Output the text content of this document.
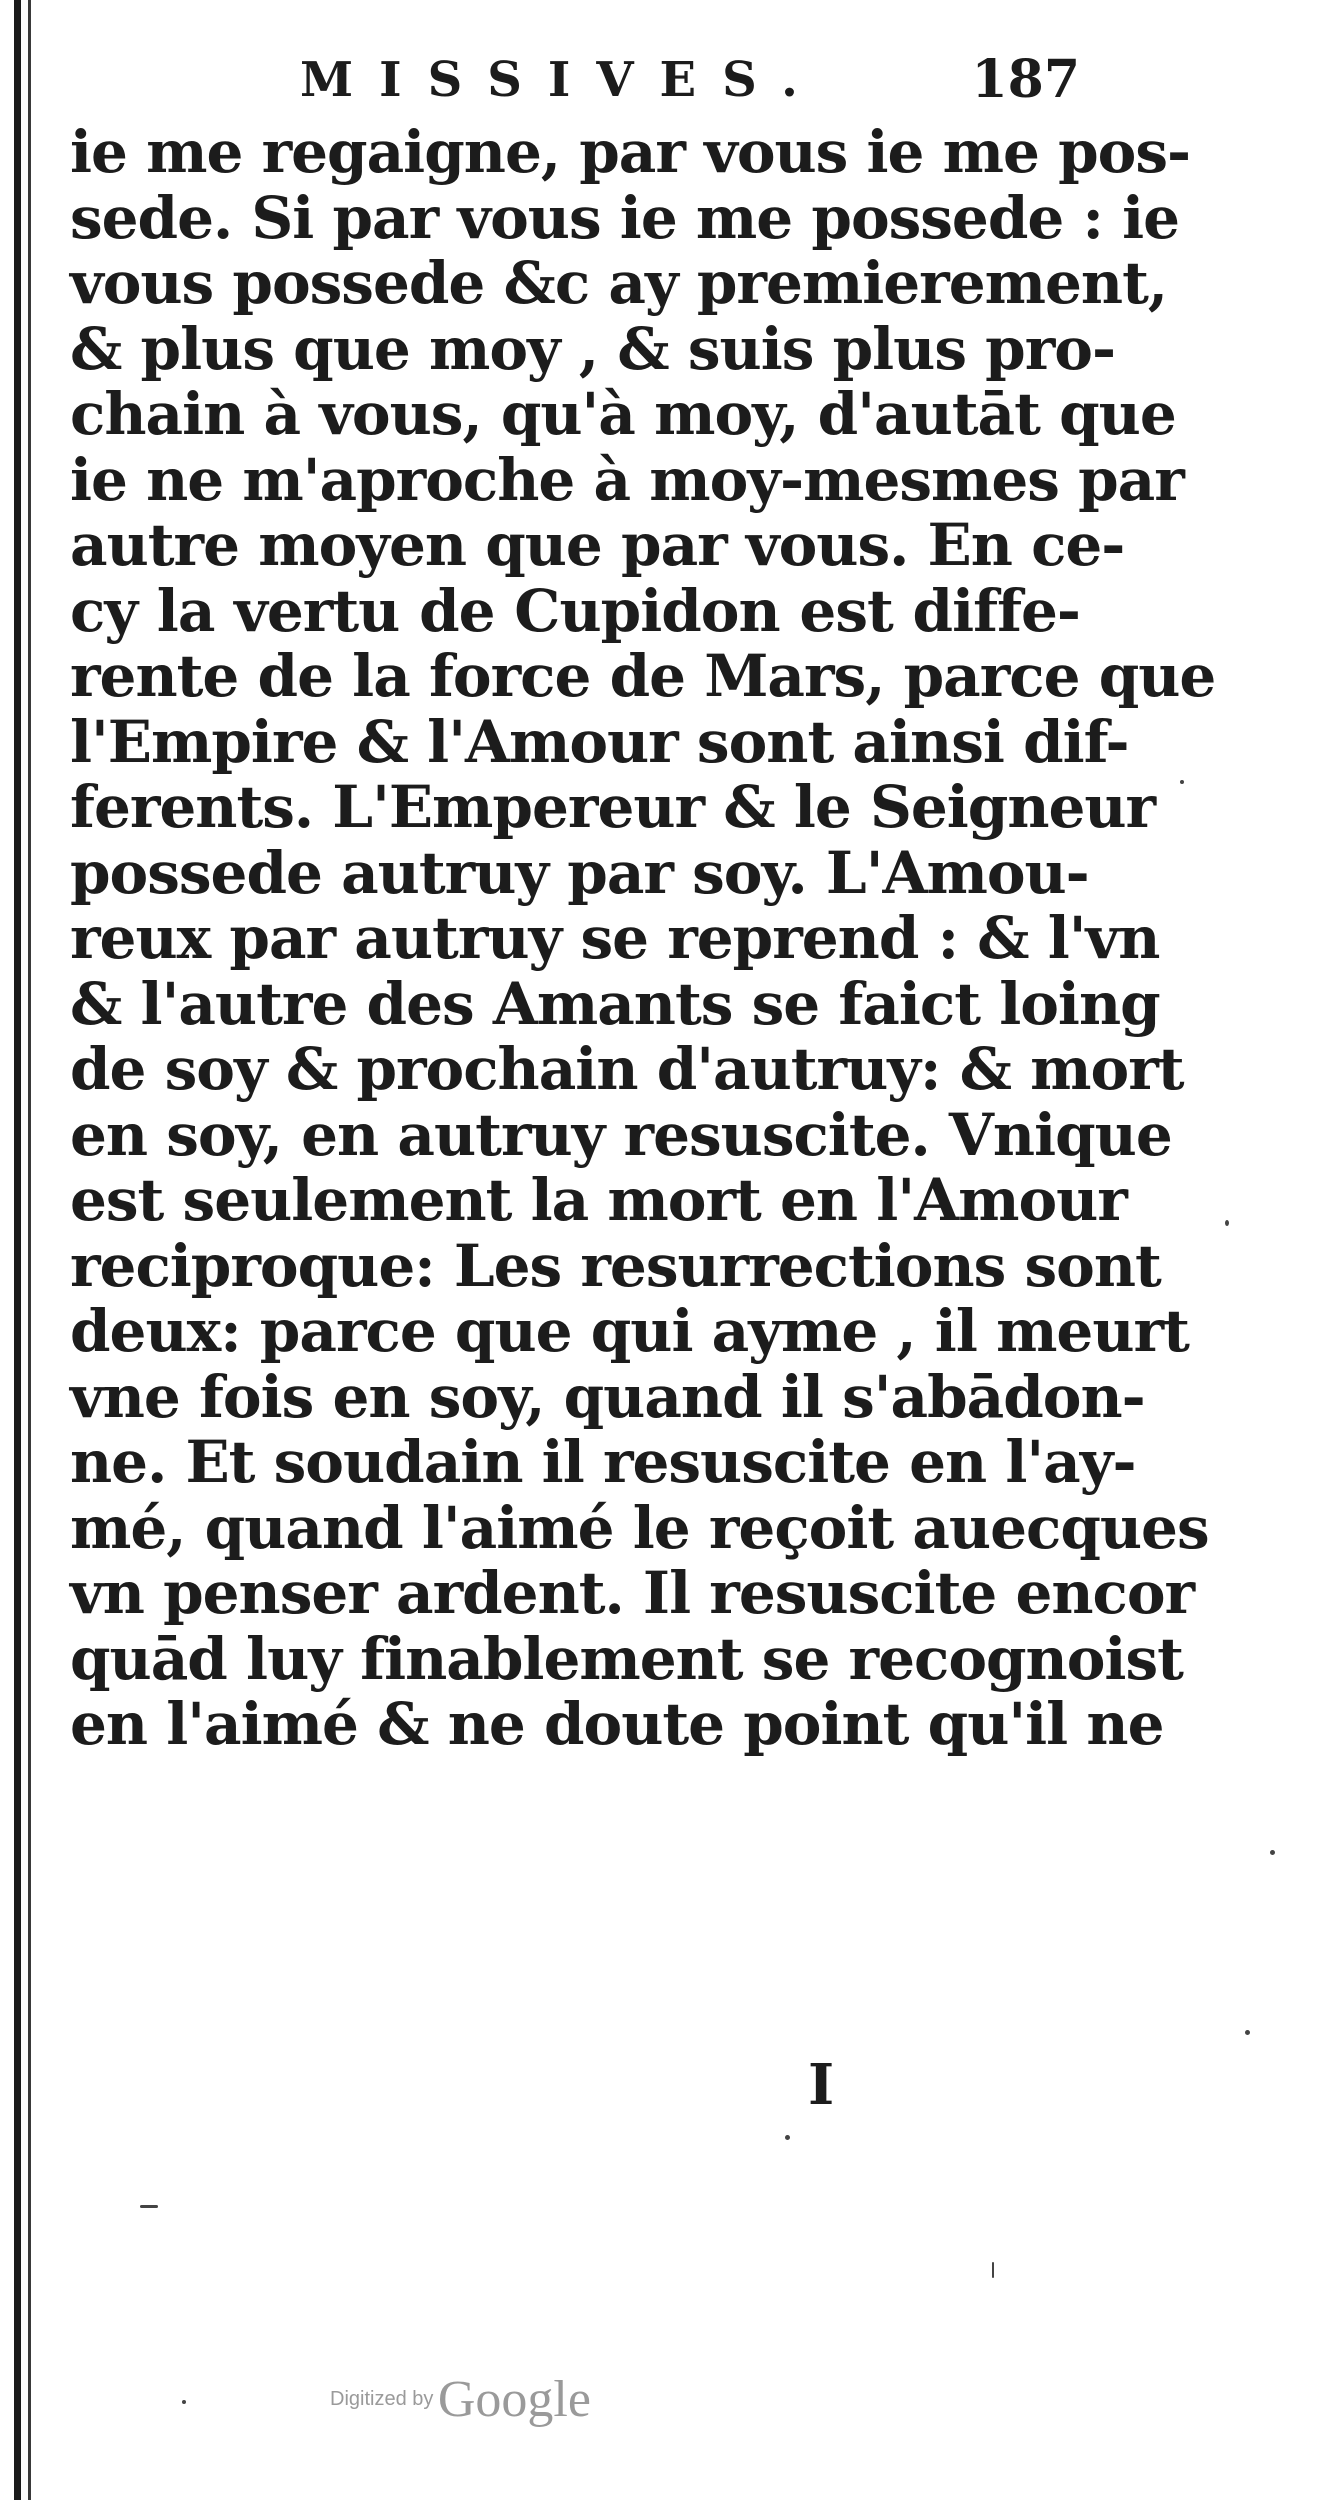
MISSIVES.	187
ie me regaigne, par vous ie me pos-
sede. Si par vous ie me possede : ie
vous possede &c ay premierement,
& plus que moy , & suis plus pro-
chain à vous, qu'à moy, d'autāt que
ie ne m'aproche à moy-mesmes par
autre moyen que par vous. En ce-
cy la vertu de Cupidon est diffe-
rente de la force de Mars, parce que
l'Empire & l'Amour sont ainsi dif-
ferents. L'Empereur & le Seigneur
possede autruy par soy. L'Amou-
reux par autruy se reprend : & l'vn
& l'autre des Amants se faict loing
de soy & prochain d'autruy: & mort
en soy, en autruy resuscite. Vnique
est seulement la mort en l'Amour
reciproque: Les resurrections sont
deux: parce que qui ayme , il meurt
vne fois en soy, quand il s'abādon-
ne. Et soudain il resuscite en l'ay-
mé, quand l'aimé le reçoit auecques
vn penser ardent. Il resuscite encor
quād luy finablement se recognoist
en l'aimé & ne doute point qu'il ne
I
Digitized by Google
